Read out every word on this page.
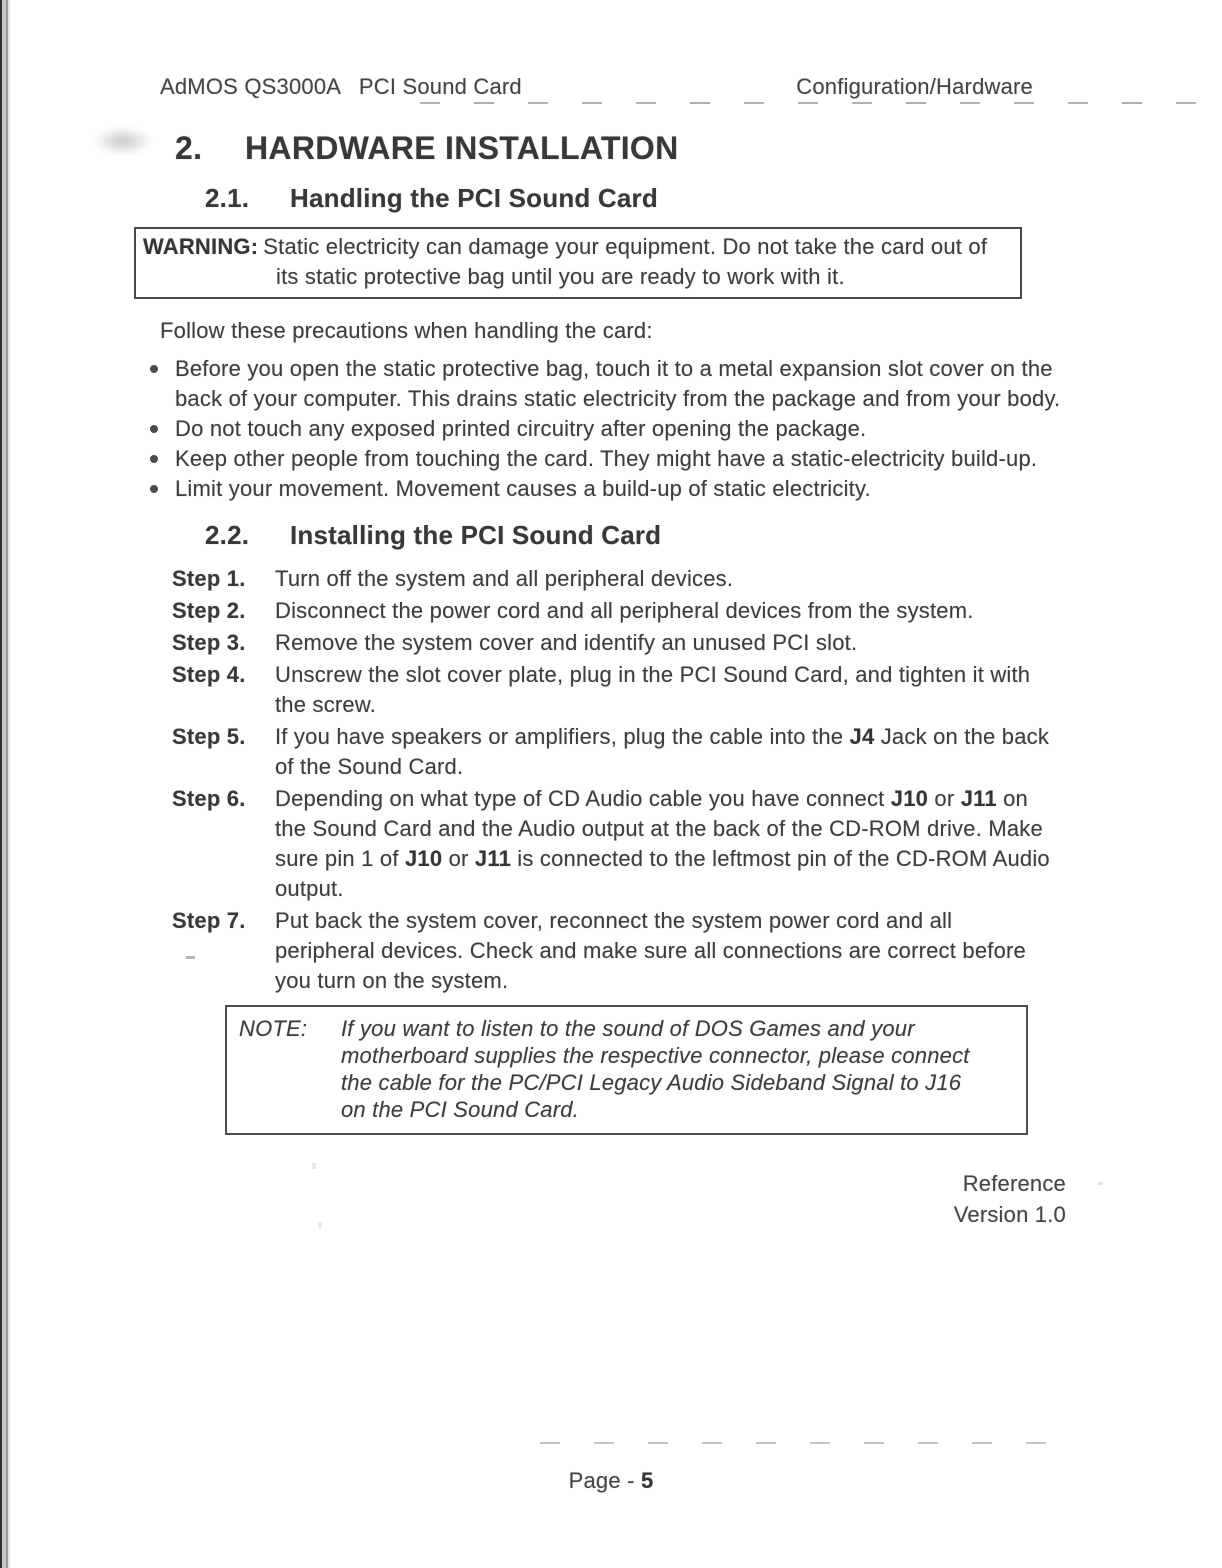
AdMOS QS3000A   PCI Sound Card	Configuration/Hardware
2.	HARDWARE INSTALLATION
2.1.	Handling the PCI Sound Card

WARNING: Static electricity can damage your equipment. Do not take the card out of its static protective bag until you are ready to work with it.

Follow these precautions when handling the card:

Before you open the static protective bag, touch it to a metal expansion slot cover on the back of your computer. This drains static electricity from the package and from your body.
Do not touch any exposed printed circuitry after opening the package.
Keep other people from touching the card. They might have a static-electricity build-up.
Limit your movement. Movement causes a build-up of static electricity.
2.2.	Installing the PCI Sound Card
Step 1.	Turn off the system and all peripheral devices.
Step 2.	Disconnect the power cord and all peripheral devices from the system.
Step 3.	Remove the system cover and identify an unused PCI slot.
Step 4.	Unscrew the slot cover plate, plug in the PCI Sound Card, and tighten it with the screw.
Step 5.	If you have speakers or amplifiers, plug the cable into the J4 Jack on the back of the Sound Card.
Step 6.	Depending on what type of CD Audio cable you have connect J10 or J11 on the Sound Card and the Audio output at the back of the CD-ROM drive. Make sure pin 1 of J10 or J11 is connected to the leftmost pin of the CD-ROM Audio output.
Step 7.	Put back the system cover, reconnect the system power cord and all peripheral devices. Check and make sure all connections are correct before you turn on the system.
NOTE:	If you want to listen to the sound of DOS Games and your motherboard supplies the respective connector, please connect the cable for the PC/PCI Legacy Audio Sideband Signal to J16 on the PCI Sound Card.
Reference
Version 1.0
Page - 5
